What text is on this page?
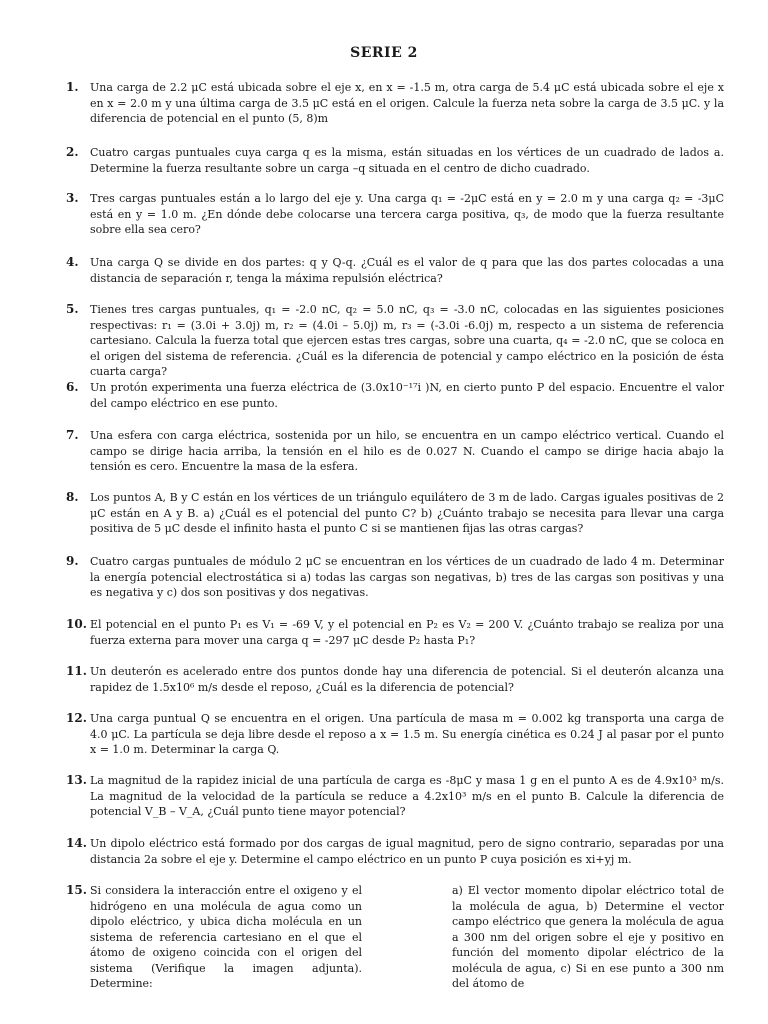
SERIE 2
1.	Una carga de 2.2 μC está ubicada sobre el eje x, en x = -1.5 m, otra carga de 5.4 μC está ubicada sobre el eje x en x = 2.0 m y una última carga de 3.5 μC está en el origen. Calcule la fuerza neta sobre la carga de 3.5 μC. y la diferencia de potencial en el punto (5, 8)m
2.	Cuatro cargas puntuales cuya carga q es la misma, están situadas en los vértices de un cuadrado de lados a. Determine la fuerza resultante sobre un carga –q situada en el centro de dicho cuadrado.
3.	Tres cargas puntuales están a lo largo del eje y. Una carga q₁ = -2μC está en y = 2.0 m y una carga q₂ = -3μC está en y = 1.0 m. ¿En dónde debe colocarse una tercera carga positiva, q₃, de modo que la fuerza resultante sobre ella sea cero?
4.	Una carga Q se divide en dos partes: q y Q-q. ¿Cuál es el valor de q para que las dos partes colocadas a una distancia de separación r, tenga la máxima repulsión eléctrica?
5.	Tienes tres cargas puntuales, q₁ = -2.0 nC, q₂ = 5.0 nC, q₃ = -3.0 nC, colocadas en las siguientes posiciones respectivas: r₁ = (3.0i + 3.0j) m, r₂ = (4.0i – 5.0j) m, r₃ = (-3.0i -6.0j) m, respecto a un sistema de referencia cartesiano. Calcula la fuerza total que ejercen estas tres cargas, sobre una cuarta, q₄ = -2.0 nC, que se coloca en el origen del sistema de referencia. ¿Cuál es la diferencia de potencial y campo eléctrico en la posición de ésta cuarta carga?
6.	Un protón experimenta una fuerza eléctrica de (3.0x10⁻¹⁷i )N, en cierto punto P del espacio. Encuentre el valor del campo eléctrico en ese punto.
7.	Una esfera con carga eléctrica, sostenida por un hilo, se encuentra en un campo eléctrico vertical. Cuando el campo se dirige hacia arriba, la tensión en el hilo es de 0.027 N. Cuando el campo se dirige hacia abajo la tensión es cero. Encuentre la masa de la esfera.
8.	Los puntos A, B y C están en los vértices de un triángulo equilátero de 3 m de lado. Cargas iguales positivas de 2 μC están en A y B. a) ¿Cuál es el potencial del punto C? b) ¿Cuánto trabajo se necesita para llevar una carga positiva de 5 μC desde el infinito hasta el punto C si se mantienen fijas las otras cargas?
9.	Cuatro cargas puntuales de módulo 2 μC se encuentran en los vértices de un cuadrado de lado 4 m. Determinar la energía potencial electrostática si a) todas las cargas son negativas, b) tres de las cargas son positivas y una es negativa y c) dos son positivas y dos negativas.
10. El potencial en el punto P₁ es V₁ = -69 V, y el potencial en P₂ es V₂ = 200 V. ¿Cuánto trabajo se realiza por una fuerza externa para mover una carga q = -297 μC desde P₂ hasta P₁?
11. Un deuterón es acelerado entre dos puntos donde hay una diferencia de potencial. Si el deuterón alcanza una rapidez de 1.5x10⁶ m/s desde el reposo, ¿Cuál es la diferencia de potencial?
12. Una carga puntual Q se encuentra en el origen. Una partícula de masa m = 0.002 kg transporta una carga de 4.0 μC. La partícula se deja libre desde el reposo a x = 1.5 m. Su energía cinética es 0.24 J al pasar por el punto x = 1.0 m. Determinar la carga Q.
13. La magnitud de la rapidez inicial de una partícula de carga es -8μC y masa 1 g en el punto A es de 4.9x10³ m/s. La magnitud de la velocidad de la partícula se reduce a 4.2x10³ m/s en el punto B. Calcule la diferencia de potencial V_B – V_A, ¿Cuál punto tiene mayor potencial?
14. Un dipolo eléctrico está formado por dos cargas de igual magnitud, pero de signo contrario, separadas por una distancia 2a sobre el eje y. Determine el campo eléctrico en un punto P cuya posición es xi+yj m.
15. Si considera la interacción entre el oxigeno y el hidrógeno en una molécula de agua como un dipolo eléctrico, y ubica dicha molécula en un sistema de referencia cartesiano en el que el átomo de oxigeno coincida con el origen del sistema (Verifique la imagen adjunta). Determine:
a) El vector momento dipolar eléctrico total de la molécula de agua, b) Determine el vector campo eléctrico que genera la molécula de agua a 300 nm del origen sobre el eje y positivo en función del momento dipolar eléctrico de la molécula de agua, c) Si en ese punto a 300 nm del átomo de
